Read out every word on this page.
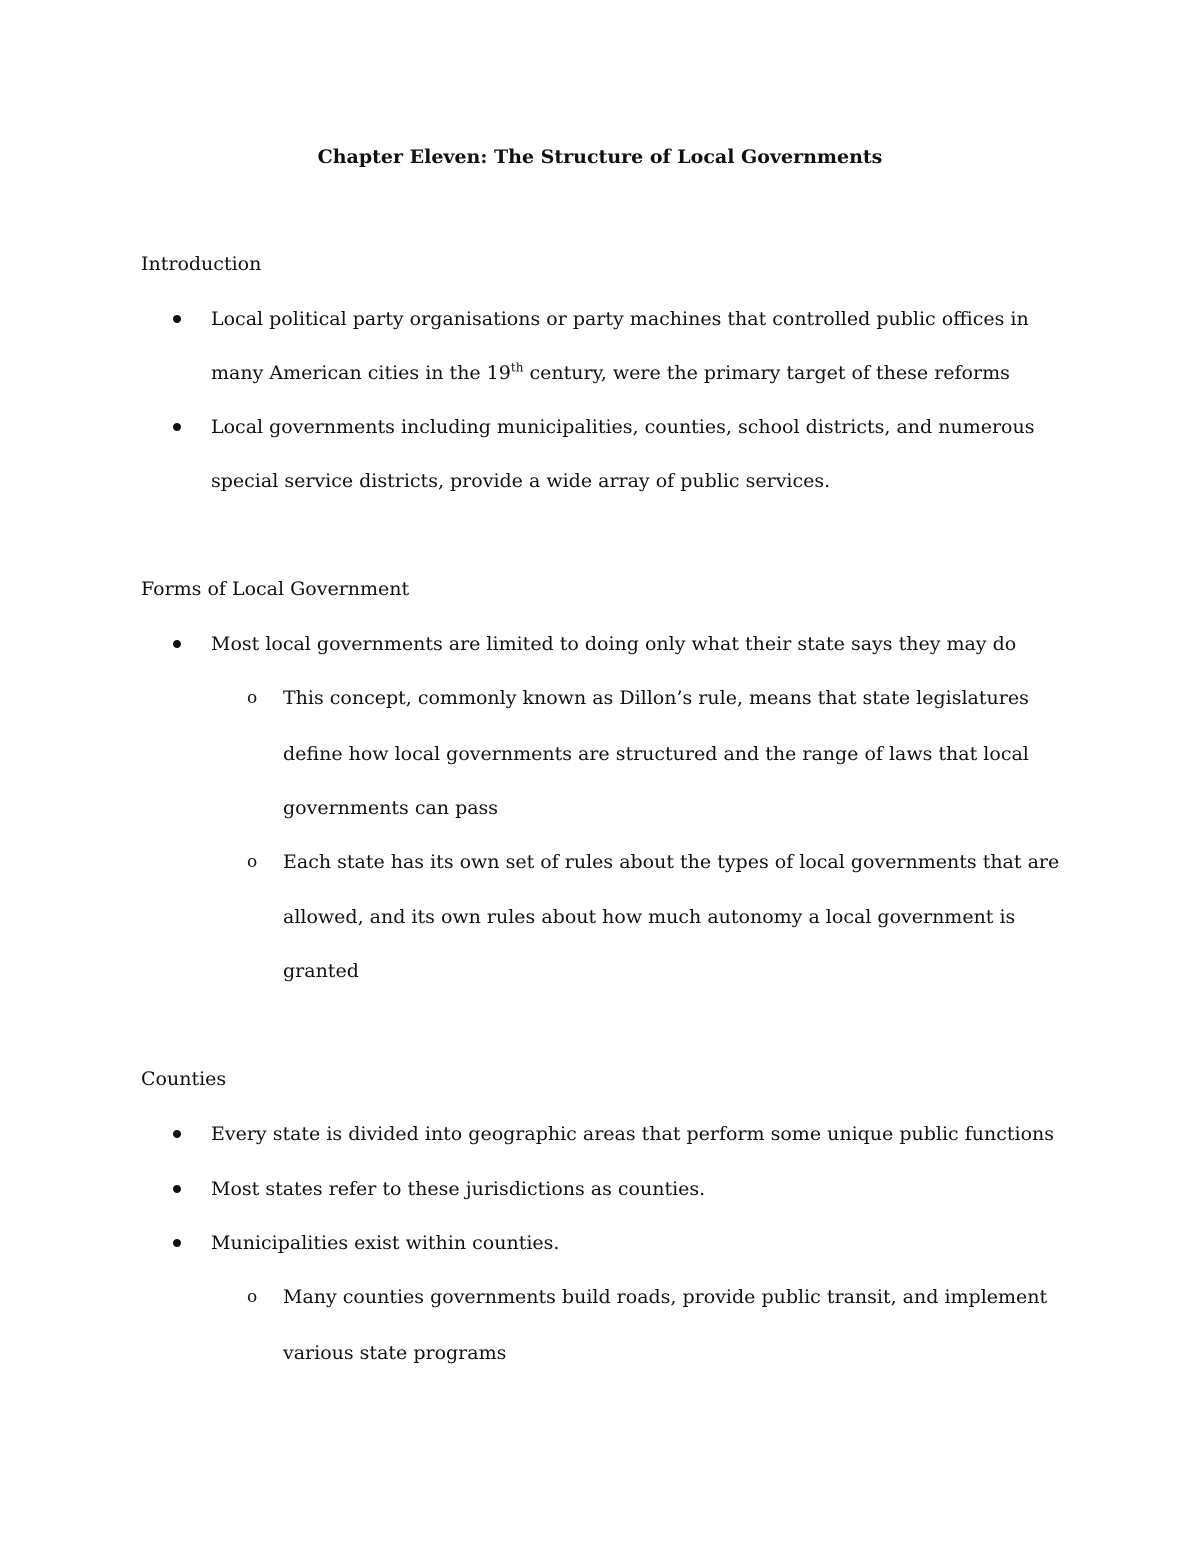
Chapter Eleven: The Structure of Local Governments
Introduction
Local political party organisations or party machines that controlled public offices in
many American cities in the 19th century, were the primary target of these reforms
Local governments including municipalities, counties, school districts, and numerous
special service districts, provide a wide array of public services.
Forms of Local Government
Most local governments are limited to doing only what their state says they may do
o This concept, commonly known as Dillon’s rule, means that state legislatures
define how local governments are structured and the range of laws that local
governments can pass
o Each state has its own set of rules about the types of local governments that are
allowed, and its own rules about how much autonomy a local government is
granted
Counties
Every state is divided into geographic areas that perform some unique public functions
Most states refer to these jurisdictions as counties.
Municipalities exist within counties.
o Many counties governments build roads, provide public transit, and implement
various state programs
